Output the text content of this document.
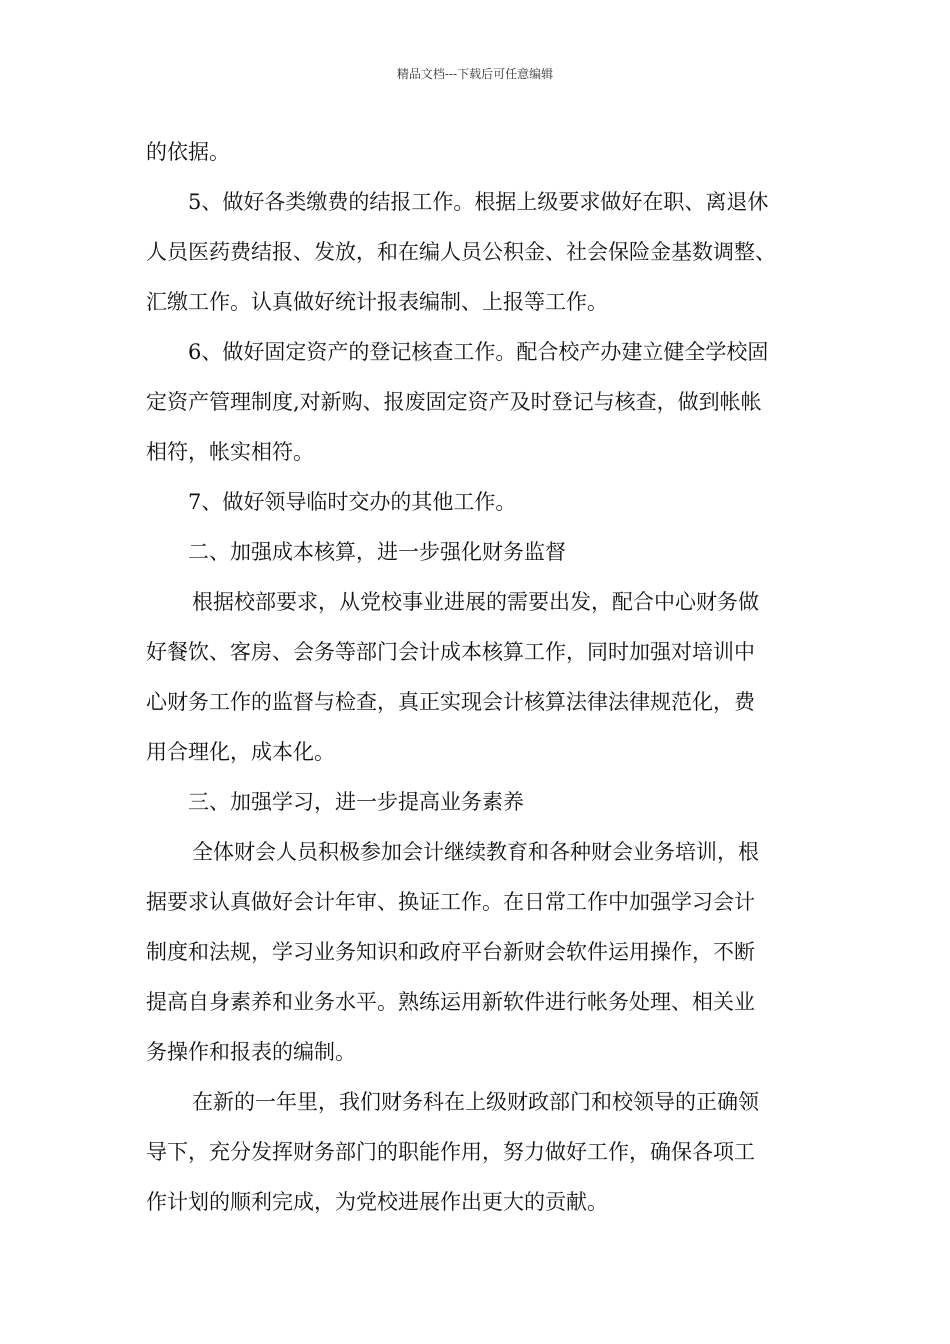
精品文档---下载后可任意编辑
的依据。
5、做好各类缴费的结报工作。根据上级要求做好在职、离退休
人员医药费结报、发放，和在编人员公积金、社会保险金基数调整、
汇缴工作。认真做好统计报表编制、上报等工作。
6、做好固定资产的登记核查工作。配合校产办建立健全学校固
定资产管理制度,对新购、报废固定资产及时登记与核查，做到帐帐
相符，帐实相符。
7、做好领导临时交办的其他工作。
二、加强成本核算，进一步强化财务监督
根据校部要求，从党校事业进展的需要出发，配合中心财务做
好餐饮、客房、会务等部门会计成本核算工作，同时加强对培训中
心财务工作的监督与检查，真正实现会计核算法律法律规范化，费
用合理化，成本化。
三、加强学习，进一步提高业务素养
全体财会人员积极参加会计继续教育和各种财会业务培训，根
据要求认真做好会计年审、换证工作。在日常工作中加强学习会计
制度和法规，学习业务知识和政府平台新财会软件运用操作，不断
提高自身素养和业务水平。熟练运用新软件进行帐务处理、相关业
务操作和报表的编制。
在新的一年里，我们财务科在上级财政部门和校领导的正确领
导下，充分发挥财务部门的职能作用，努力做好工作，确保各项工
作计划的顺利完成，为党校进展作出更大的贡献。
